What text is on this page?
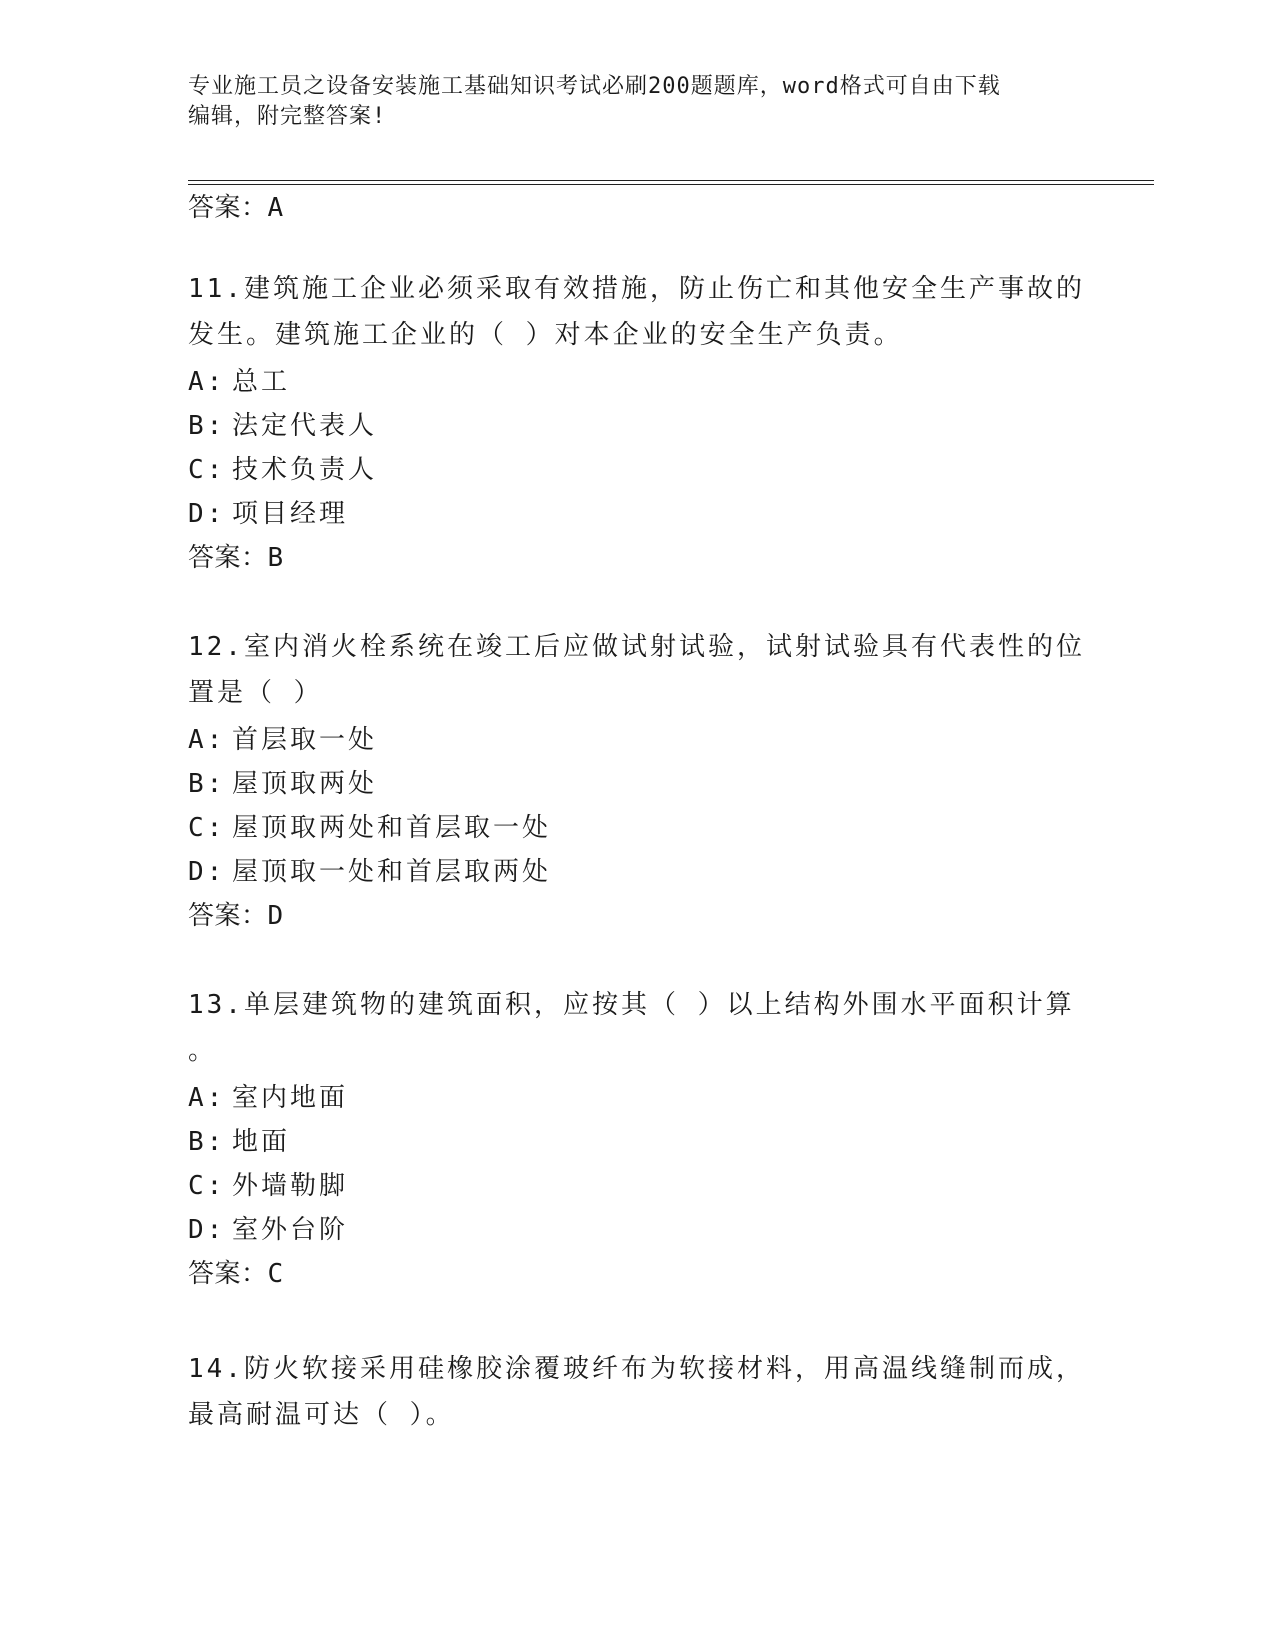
专业施工员之设备安装施工基础知识考试必刷200题题库，word格式可自由下载
编辑，附完整答案!
答案：A
11.建筑施工企业必须采取有效措施，防止伤亡和其他安全生产事故的
发生。建筑施工企业的（ ）对本企业的安全生产负责。
A: 总工
B: 法定代表人
C: 技术负责人
D: 项目经理
答案：B
12.室内消火栓系统在竣工后应做试射试验，试射试验具有代表性的位
置是（ ）
A: 首层取一处
B: 屋顶取两处
C: 屋顶取两处和首层取一处
D: 屋顶取一处和首层取两处
答案：D
13.单层建筑物的建筑面积，应按其（ ）以上结构外围水平面积计算
。
A: 室内地面
B: 地面
C: 外墙勒脚
D: 室外台阶
答案：C
14.防火软接采用硅橡胶涂覆玻纤布为软接材料，用高温线缝制而成，
最高耐温可达（ ）。
